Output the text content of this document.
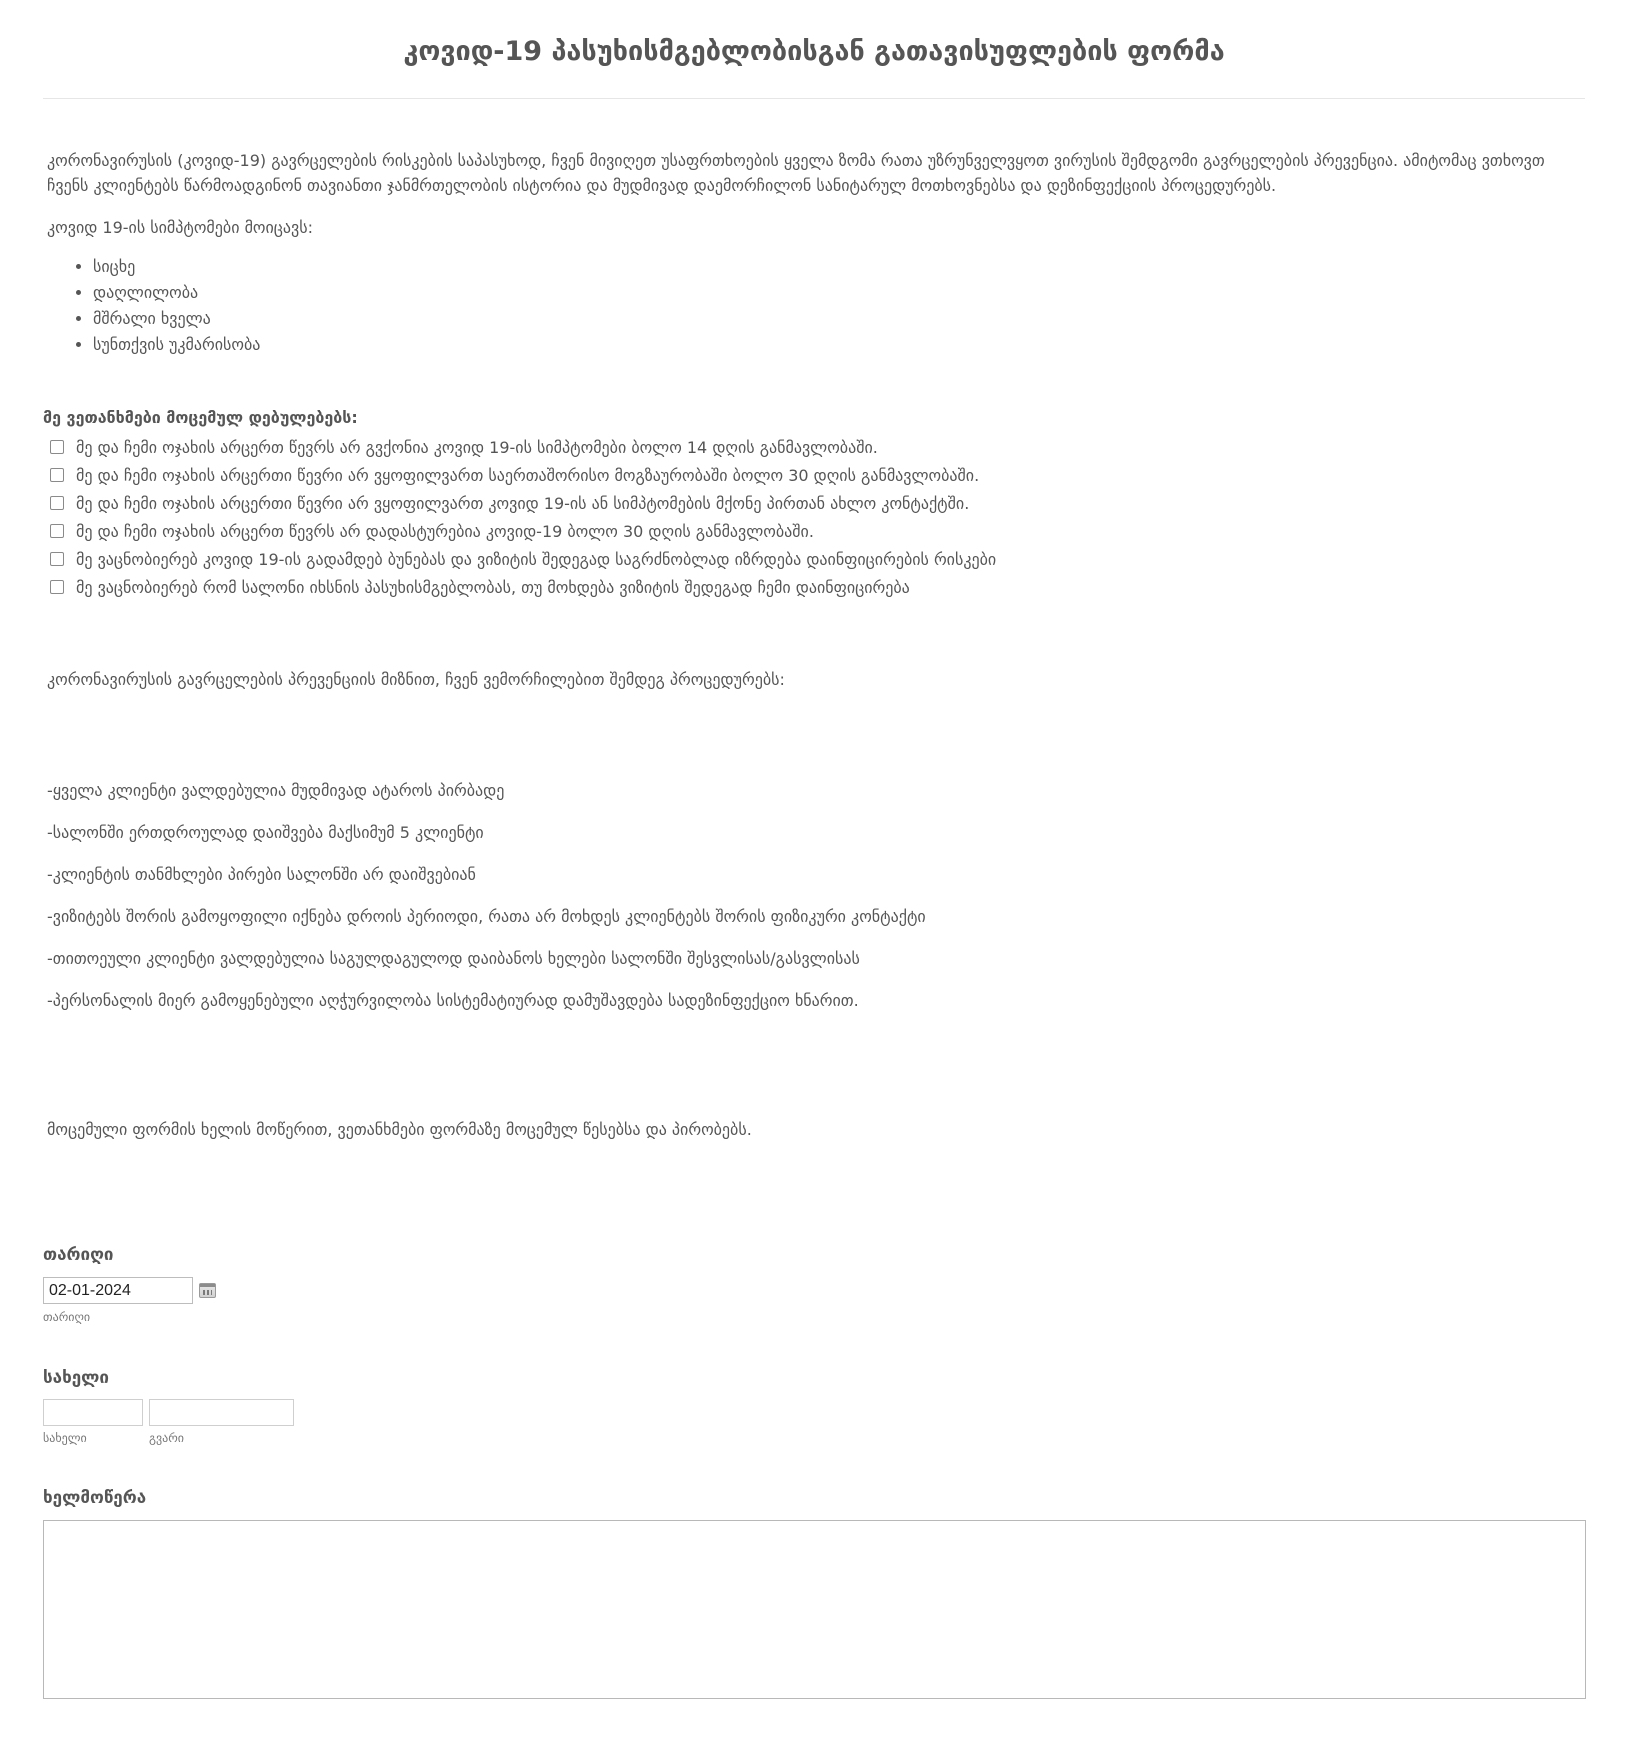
კოვიდ-19 პასუხისმგებლობისგან გათავისუფლების ფორმა

კორონავირუსის (კოვიდ-19) გავრცელების რისკების საპასუხოდ, ჩვენ მივიღეთ უსაფრთხოების ყველა ზომა რათა უზრუნველვყოთ ვირუსის შემდგომი გავრცელების პრევენცია. ამიტომაც ვთხოვთ ჩვენს კლიენტებს წარმოადგინონ თავიანთი ჯანმრთელობის ისტორია და მუდმივად დაემორჩილონ სანიტარულ მოთხოვნებსა და დეზინფექციის პროცედურებს.

კოვიდ 19-ის სიმპტომები მოიცავს:

• სიცხე
• დაღლილობა
• მშრალი ხველა
• სუნთქვის უკმარისობა
მე ვეთანხმები მოცემულ დებულებებს:
მე და ჩემი ოჯახის არცერთ წევრს არ გვქონია კოვიდ 19-ის სიმპტომები ბოლო 14 დღის განმავლობაში.
მე და ჩემი ოჯახის არცერთი წევრი არ ვყოფილვართ საერთაშორისო მოგზაურობაში ბოლო 30 დღის განმავლობაში.
მე და ჩემი ოჯახის არცერთი წევრი არ ვყოფილვართ კოვიდ 19-ის ან სიმპტომების მქონე პირთან ახლო კონტაქტში.
მე და ჩემი ოჯახის არცერთ წევრს არ დადასტურებია კოვიდ-19 ბოლო 30 დღის განმავლობაში.
მე ვაცნობიერებ კოვიდ 19-ის გადამდებ ბუნებას და ვიზიტის შედეგად საგრძნობლად იზრდება დაინფიცირების რისკები
მე ვაცნობიერებ რომ სალონი იხსნის პასუხისმგებლობას, თუ მოხდება ვიზიტის შედეგად ჩემი დაინფიცირება

კორონავირუსის გავრცელების პრევენციის მიზნით, ჩვენ ვემორჩილებით შემდეგ პროცედურებს:

-ყველა კლიენტი ვალდებულია მუდმივად ატაროს პირბადე

-სალონში ერთდროულად დაიშვება მაქსიმუმ 5 კლიენტი

-კლიენტის თანმხლები პირები სალონში არ დაიშვებიან

-ვიზიტებს შორის გამოყოფილი იქნება დროის პერიოდი, რათა არ მოხდეს კლიენტებს შორის ფიზიკური კონტაქტი

-თითოეული კლიენტი ვალდებულია საგულდაგულოდ დაიბანოს ხელები სალონში შესვლისას/გასვლისას

-პერსონალის მიერ გამოყენებული აღჭურვილობა სისტემატიურად დამუშავდება სადეზინფექციო ხნარით.

მოცემული ფორმის ხელის მოწერით, ვეთანხმები ფორმაზე მოცემულ წესებსა და პირობებს.

თარიღი
02-01-2024
თარიღი
სახელი
სახელი	გვარი
ხელმოწერა
